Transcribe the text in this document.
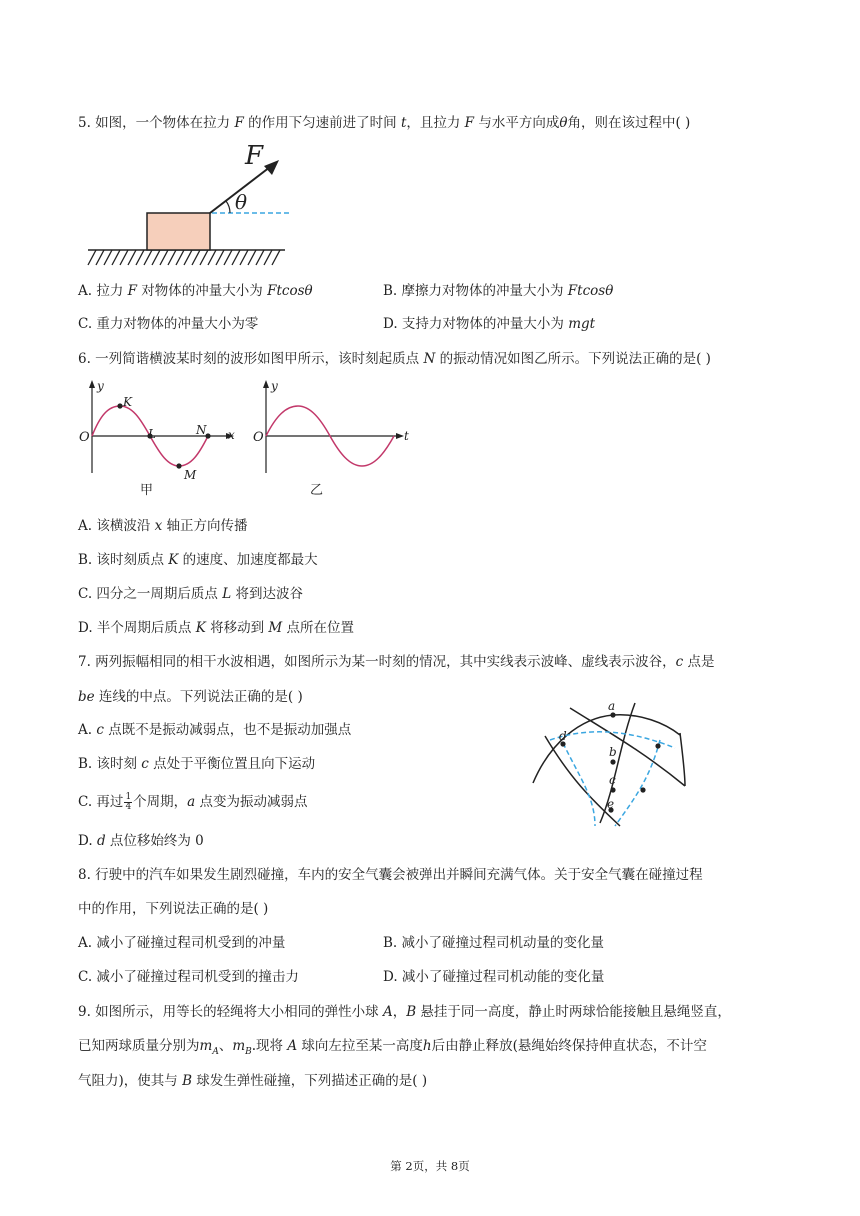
5. 如图，一个物体在拉力 F 的作用下匀速前进了时间 t，且拉力 F 与水平方向成θ角，则在该过程中( )
F
θ
A. 拉力 F 对物体的冲量大小为 Ftcosθ	B. 摩擦力对物体的冲量大小为 Ftcosθ
C. 重力对物体的冲量大小为零	D. 支持力对物体的冲量大小为 mgt
6. 一列简谐横波某时刻的波形如图甲所示，该时刻起质点 N 的振动情况如图乙所示。下列说法正确的是( )
y
x
O
K
L
M
N
甲
y
t
O
乙
A. 该横波沿 x 轴正方向传播
B. 该时刻质点 K 的速度、加速度都最大
C. 四分之一周期后质点 L 将到达波谷
D. 半个周期后质点 K 将移动到 M 点所在位置
7. 两列振幅相同的相干水波相遇，如图所示为某一时刻的情况，其中实线表示波峰、虚线表示波谷，c 点是
be 连线的中点。下列说法正确的是( )
A. c 点既不是振动减弱点，也不是振动加强点
B. 该时刻 c 点处于平衡位置且向下运动
C. 再过 $\frac{1}{4}$ 个周期，a 点变为振动减弱点
D. d 点位移始终为 0
a
d
b
c
e
8. 行驶中的汽车如果发生剧烈碰撞，车内的安全气囊会被弹出并瞬间充满气体。关于安全气囊在碰撞过程
中的作用，下列说法正确的是( )
A. 减小了碰撞过程司机受到的冲量	B. 减小了碰撞过程司机动量的变化量
C. 减小了碰撞过程司机受到的撞击力	D. 减小了碰撞过程司机动能的变化量
9. 如图所示，用等长的轻绳将大小相同的弹性小球 A，B 悬挂于同一高度，静止时两球恰能接触且悬绳竖直，
已知两球质量分别为$m_A$、$m_B$.现将 A 球向左拉至某一高度h后由静止释放(悬绳始终保持伸直状态，不计空
气阻力)，使其与 B 球发生弹性碰撞，下列描述正确的是( )
第 2页，共 8页
